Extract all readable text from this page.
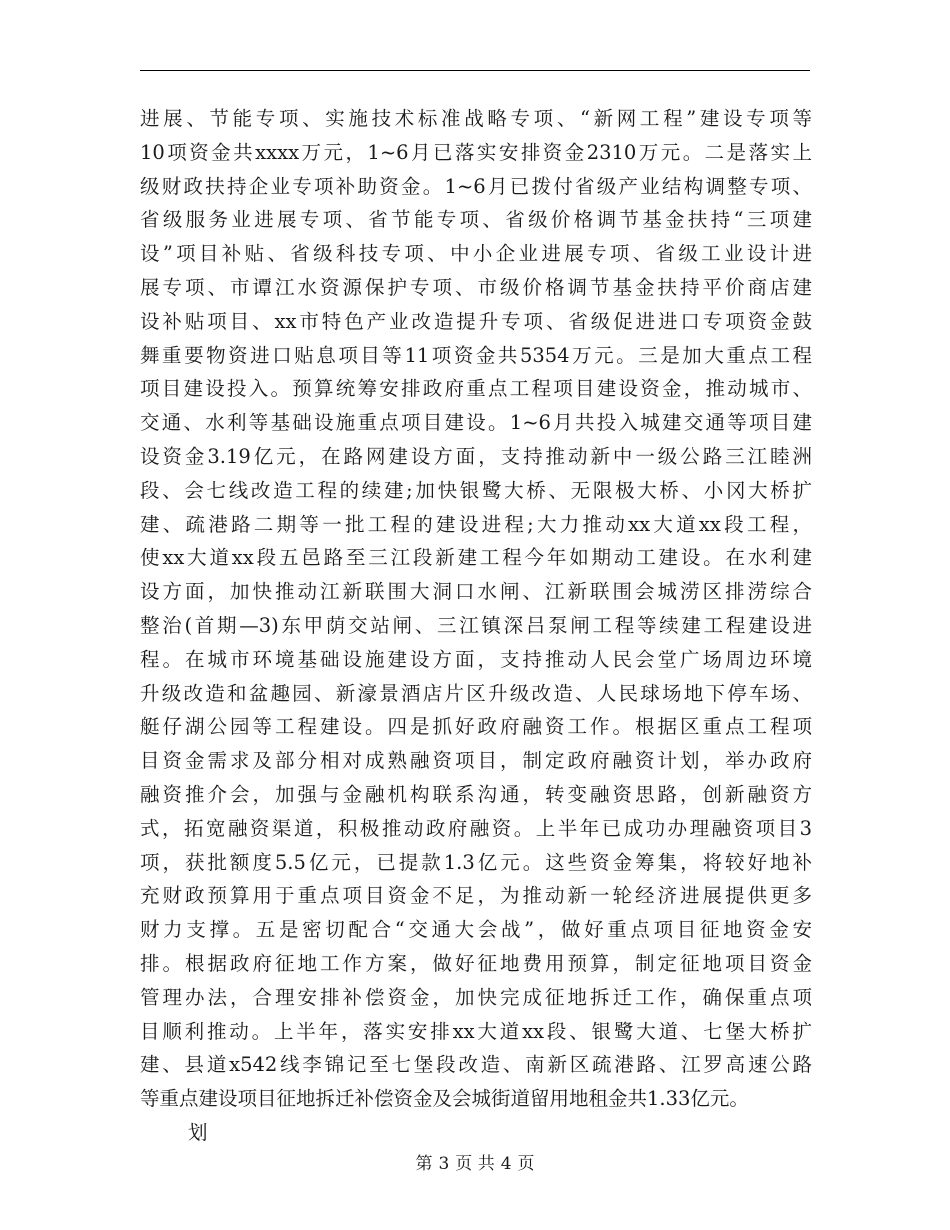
进展、节能专项、实施技术标准战略专项、“新网工程”建设专项等
10项资金共xxxx万元，1~6月已落实安排资金2310万元。二是落实上
级财政扶持企业专项补助资金。1~6月已拨付省级产业结构调整专项、
省级服务业进展专项、省节能专项、省级价格调节基金扶持“三项建
设”项目补贴、省级科技专项、中小企业进展专项、省级工业设计进
展专项、市谭江水资源保护专项、市级价格调节基金扶持平价商店建
设补贴项目、xx市特色产业改造提升专项、省级促进进口专项资金鼓
舞重要物资进口贴息项目等11项资金共5354万元。三是加大重点工程
项目建设投入。预算统筹安排政府重点工程项目建设资金，推动城市、
交通、水利等基础设施重点项目建设。1~6月共投入城建交通等项目建
设资金3.19亿元，在路网建设方面，支持推动新中一级公路三江睦洲
段、会七线改造工程的续建;加快银鹭大桥、无限极大桥、小冈大桥扩
建、疏港路二期等一批工程的建设进程;大力推动xx大道xx段工程，
使xx大道xx段五邑路至三江段新建工程今年如期动工建设。在水利建
设方面，加快推动江新联围大洞口水闸、江新联围会城涝区排涝综合
整治(首期—3)东甲荫交站闸、三江镇深吕泵闸工程等续建工程建设进
程。在城市环境基础设施建设方面，支持推动人民会堂广场周边环境
升级改造和盆趣园、新濠景酒店片区升级改造、人民球场地下停车场、
艇仔湖公园等工程建设。四是抓好政府融资工作。根据区重点工程项
目资金需求及部分相对成熟融资项目，制定政府融资计划，举办政府
融资推介会，加强与金融机构联系沟通，转变融资思路，创新融资方
式，拓宽融资渠道，积极推动政府融资。上半年已成功办理融资项目3
项，获批额度5.5亿元，已提款1.3亿元。这些资金筹集，将较好地补
充财政预算用于重点项目资金不足，为推动新一轮经济进展提供更多
财力支撑。五是密切配合“交通大会战”，做好重点项目征地资金安
排。根据政府征地工作方案，做好征地费用预算，制定征地项目资金
管理办法，合理安排补偿资金，加快完成征地拆迁工作，确保重点项
目顺利推动。上半年，落实安排xx大道xx段、银鹭大道、七堡大桥扩
建、县道x542线李锦记至七堡段改造、南新区疏港路、江罗高速公路
等重点建设项目征地拆迁补偿资金及会城街道留用地租金共1.33亿元。
划
第 3 页 共 4 页
